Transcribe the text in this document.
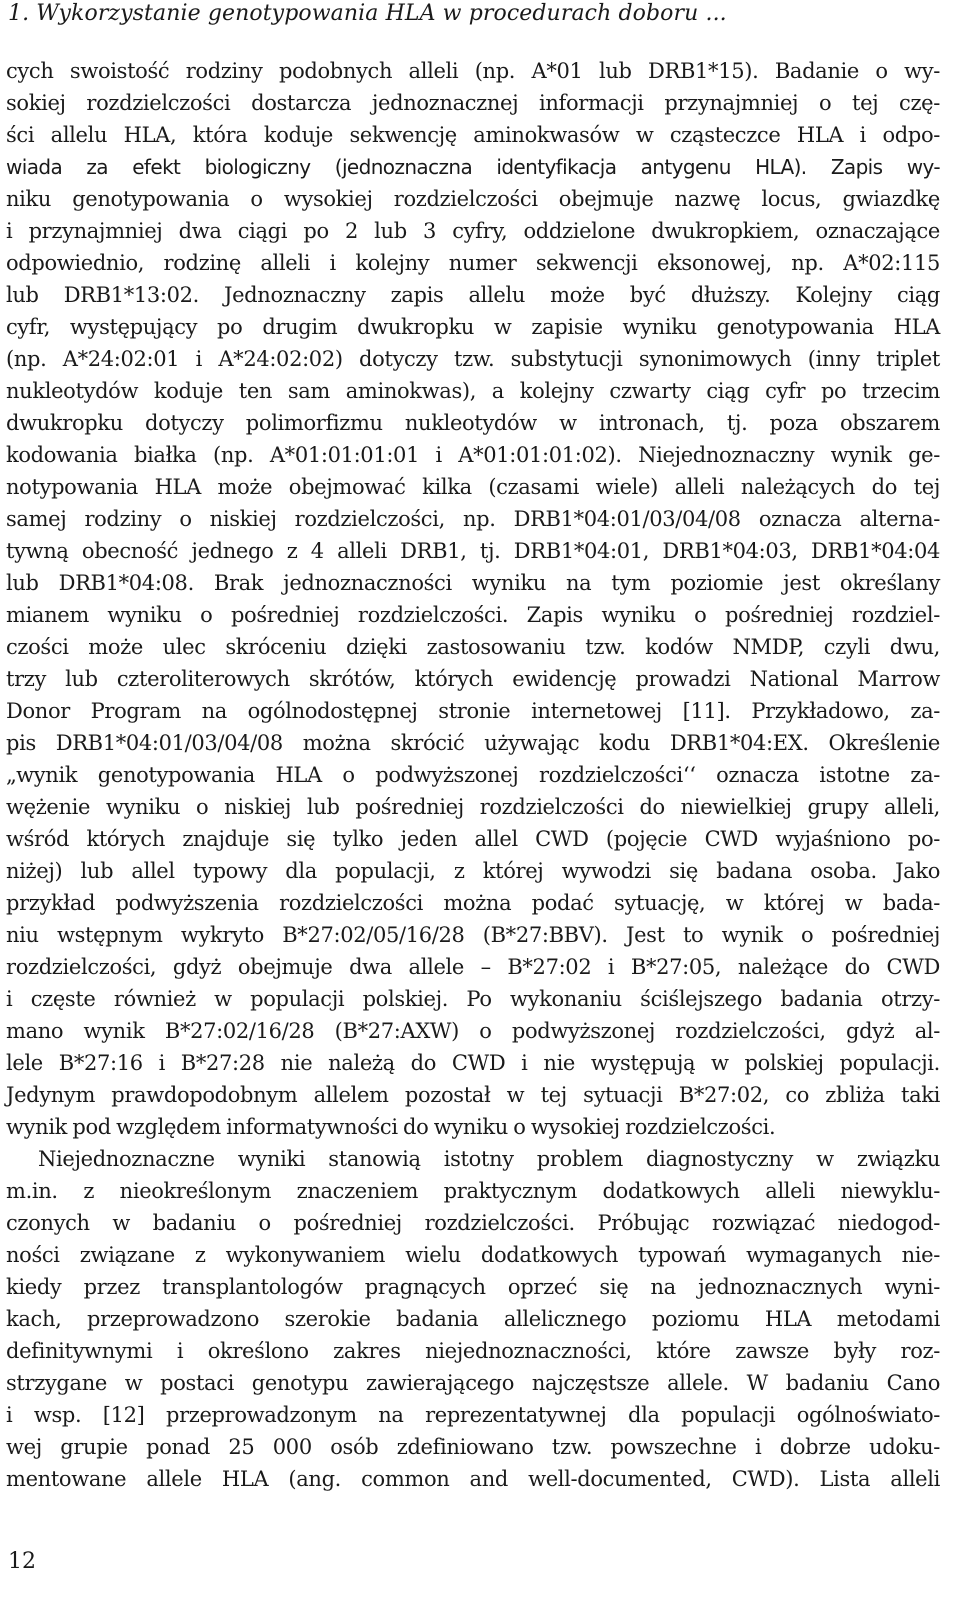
1. Wykorzystanie genotypowania HLA w procedurach doboru ...
cych swoistość rodziny podobnych alleli (np. A*01 lub DRB1*15). Badanie o wy-
sokiej rozdzielczości dostarcza jednoznacznej informacji przynajmniej o tej czę-
ści allelu HLA, która koduje sekwencję aminokwasów w cząsteczce HLA i odpo-
wiada za efekt biologiczny (jednoznaczna identyfikacja antygenu HLA). Zapis wy-
niku genotypowania o wysokiej rozdzielczości obejmuje nazwę locus, gwiazdkę
i przynajmniej dwa ciągi po 2 lub 3 cyfry, oddzielone dwukropkiem, oznaczające
odpowiednio, rodzinę alleli i kolejny numer sekwencji eksonowej, np. A*02:115
lub DRB1*13:02. Jednoznaczny zapis allelu może być dłuższy. Kolejny ciąg
cyfr, występujący po drugim dwukropku w zapisie wyniku genotypowania HLA
(np. A*24:02:01 i A*24:02:02) dotyczy tzw. substytucji synonimowych (inny triplet
nukleotydów koduje ten sam aminokwas), a kolejny czwarty ciąg cyfr po trzecim
dwukropku dotyczy polimorfizmu nukleotydów w intronach, tj. poza obszarem
kodowania białka (np. A*01:01:01:01 i A*01:01:01:02). Niejednoznaczny wynik ge-
notypowania HLA może obejmować kilka (czasami wiele) alleli należących do tej
samej rodziny o niskiej rozdzielczości, np. DRB1*04:01/03/04/08 oznacza alterna-
tywną obecność jednego z 4 alleli DRB1, tj. DRB1*04:01, DRB1*04:03, DRB1*04:04
lub DRB1*04:08. Brak jednoznaczności wyniku na tym poziomie jest określany
mianem wyniku o pośredniej rozdzielczości. Zapis wyniku o pośredniej rozdziel-
czości może ulec skróceniu dzięki zastosowaniu tzw. kodów NMDP, czyli dwu,
trzy lub czteroliterowych skrótów, których ewidencję prowadzi National Marrow
Donor Program na ogólnodostępnej stronie internetowej [11]. Przykładowo, za-
pis DRB1*04:01/03/04/08 można skrócić używając kodu DRB1*04:EX. Określenie
„wynik genotypowania HLA o podwyższonej rozdzielczości‘‘ oznacza istotne za-
wężenie wyniku o niskiej lub pośredniej rozdzielczości do niewielkiej grupy alleli,
wśród których znajduje się tylko jeden allel CWD (pojęcie CWD wyjaśniono po-
niżej) lub allel typowy dla populacji, z której wywodzi się badana osoba. Jako
przykład podwyższenia rozdzielczości można podać sytuację, w której w bada-
niu wstępnym wykryto B*27:02/05/16/28 (B*27:BBV). Jest to wynik o pośredniej
rozdzielczości, gdyż obejmuje dwa allele – B*27:02 i B*27:05, należące do CWD
i częste również w populacji polskiej. Po wykonaniu ściślejszego badania otrzy-
mano wynik B*27:02/16/28 (B*27:AXW) o podwyższonej rozdzielczości, gdyż al-
lele B*27:16 i B*27:28 nie należą do CWD i nie występują w polskiej populacji.
Jedynym prawdopodobnym allelem pozostał w tej sytuacji B*27:02, co zbliża taki
wynik pod względem informatywności do wyniku o wysokiej rozdzielczości.
Niejednoznaczne wyniki stanowią istotny problem diagnostyczny w związku
m.in. z nieokreślonym znaczeniem praktycznym dodatkowych alleli niewyklu-
czonych w badaniu o pośredniej rozdzielczości. Próbując rozwiązać niedogod-
ności związane z wykonywaniem wielu dodatkowych typowań wymaganych nie-
kiedy przez transplantologów pragnących oprzeć się na jednoznacznych wyni-
kach, przeprowadzono szerokie badania allelicznego poziomu HLA metodami
definitywnymi i określono zakres niejednoznaczności, które zawsze były roz-
strzygane w postaci genotypu zawierającego najczęstsze allele. W badaniu Cano
i wsp. [12] przeprowadzonym na reprezentatywnej dla populacji ogólnoświato-
wej grupie ponad 25 000 osób zdefiniowano tzw. powszechne i dobrze udoku-
mentowane allele HLA (ang. common and well-documented, CWD). Lista alleli
12
